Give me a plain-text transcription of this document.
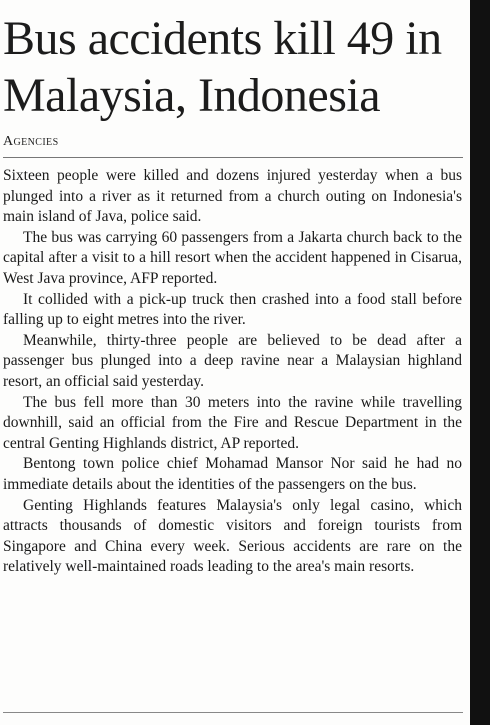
Bus accidents kill 49 in Malaysia, Indonesia
Agencies

Sixteen people were killed and dozens injured yesterday when a bus plunged into a river as it returned from a church outing on Indonesia's main island of Java, police said.

The bus was carrying 60 passengers from a Jakarta church back to the capital after a visit to a hill resort when the accident happened in Cisarua, West Java province, AFP reported.

It collided with a pick-up truck then crashed into a food stall before falling up to eight metres into the river.

Meanwhile, thirty-three people are believed to be dead after a passenger bus plunged into a deep ravine near a Malaysian highland resort, an official said yesterday.

The bus fell more than 30 meters into the ravine while travelling downhill, said an official from the Fire and Rescue Department in the central Genting Highlands district, AP reported.

Bentong town police chief Mohamad Mansor Nor said he had no immediate details about the identities of the passengers on the bus.

Genting Highlands features Malaysia's only legal casino, which attracts thousands of domestic visitors and foreign tourists from Singapore and China every week. Serious accidents are rare on the relatively well-maintained roads leading to the area's main resorts.
